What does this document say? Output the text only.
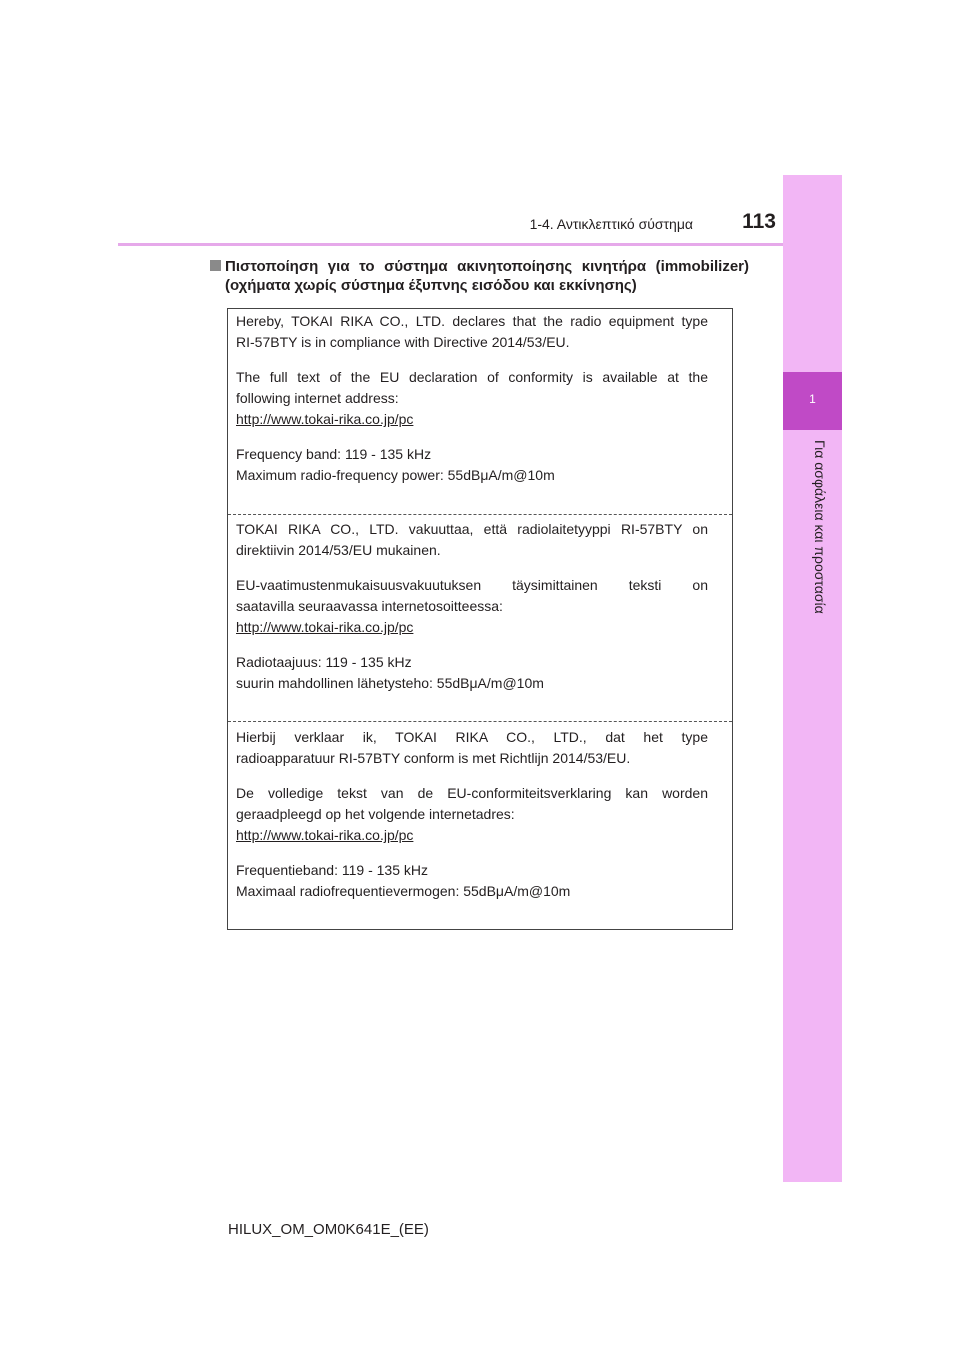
1-4. Αντικλεπτικό σύστημα	113
1
Για ασφάλεια και προστασία
Πιστοποίηση για το σύστημα ακινητοποίησης κινητήρα (immobilizer)
(οχήματα χωρίς σύστημα έξυπνης εισόδου και εκκίνησης)

Hereby, TOKAI RIKA CO., LTD. declares that the radio equipment type

RI-57BTY is in compliance with Directive 2014/53/EU.

The full text of the EU declaration of conformity is available at the

following internet address:

http://www.tokai-rika.co.jp/pc

Frequency band: 119 - 135 kHz

Maximum radio-frequency power: 55dBμA/m@10m

TOKAI RIKA CO., LTD. vakuuttaa, että radiolaitetyyppi RI-57BTY on

direktiivin 2014/53/EU mukainen.

EU-vaatimustenmukaisuusvakuutuksen täysimittainen teksti on

saatavilla seuraavassa internetosoitteessa:

http://www.tokai-rika.co.jp/pc

Radiotaajuus: 119 - 135 kHz

suurin mahdollinen lähetysteho: 55dBμA/m@10m

Hierbij verklaar ik, TOKAI RIKA CO., LTD., dat het type

radioapparatuur RI-57BTY conform is met Richtlijn 2014/53/EU.

De volledige tekst van de EU-conformiteitsverklaring kan worden

geraadpleegd op het volgende internetadres:

http://www.tokai-rika.co.jp/pc

Frequentieband: 119 - 135 kHz

Maximaal radiofrequentievermogen: 55dBμA/m@10m

HILUX_OM_OM0K641E_(EE)
